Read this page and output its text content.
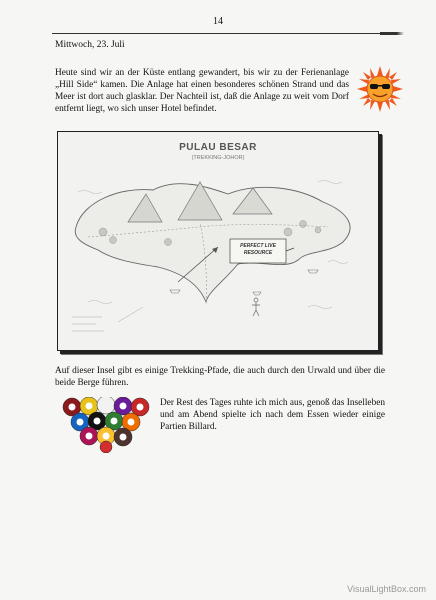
14
Mittwoch, 23. Juli
Heute sind wir an der Küste entlang gewandert, bis wir zu der Ferienanlage „Hill Side“ kamen. Die Anlage hat einen besonderes schönen Strand und das Meer ist dort auch glasklar. Der Nachteil ist, daß die Anlage zu weit vom Dorf entfernt liegt, wo sich unser Hotel befindet.
PULAU BESAR
(TREKKING-JOHOR)
PERFECT LIVE RESOURCE
Auf dieser Insel gibt es einige Trekking-Pfade, die auch durch den Urwald und über die beide Berge führen.
Der Rest des Tages ruhte ich mich aus, genoß das Inselleben und am Abend spielte ich nach dem Essen wieder einige Partien Billard.
VisualLightBox.com
